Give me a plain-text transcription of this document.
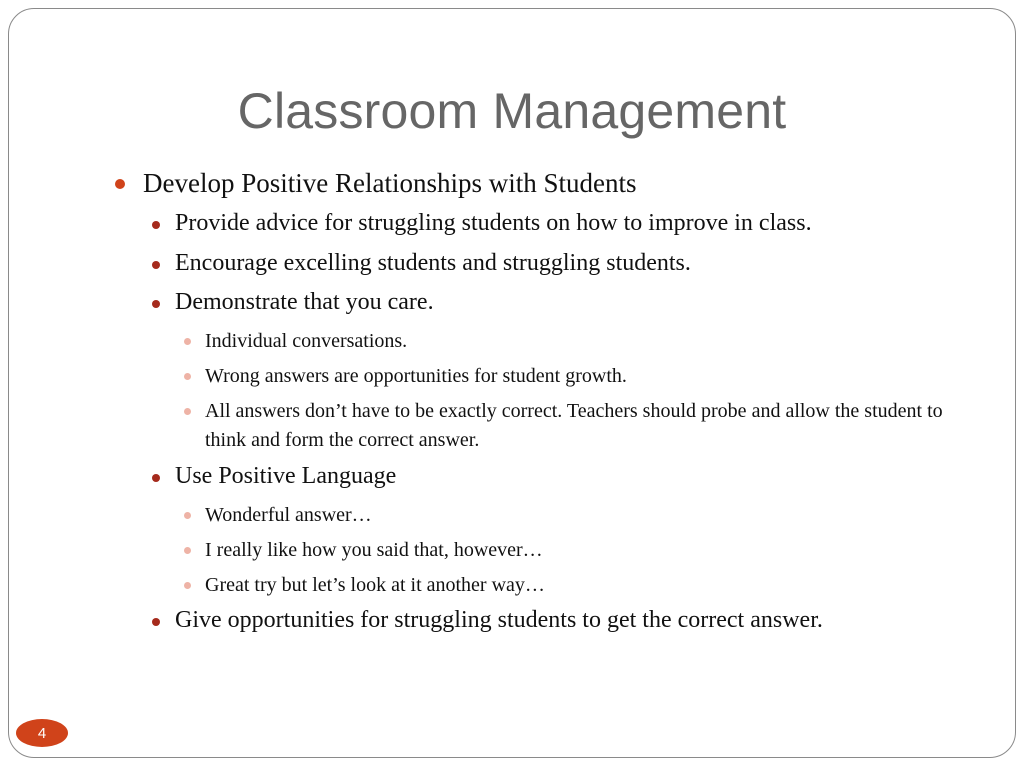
Classroom Management
Develop Positive Relationships with Students
Provide advice for struggling students on how to improve in class.
Encourage excelling students and struggling students.
Demonstrate that you care.
Individual conversations.
Wrong answers are opportunities for student growth.
All answers don’t have to be exactly correct. Teachers should probe and allow the student to think and form the correct answer.
Use Positive Language
Wonderful answer…
I really like how you said that, however…
Great try but let’s look at it another way…
Give opportunities for struggling students to get the correct answer.
4
